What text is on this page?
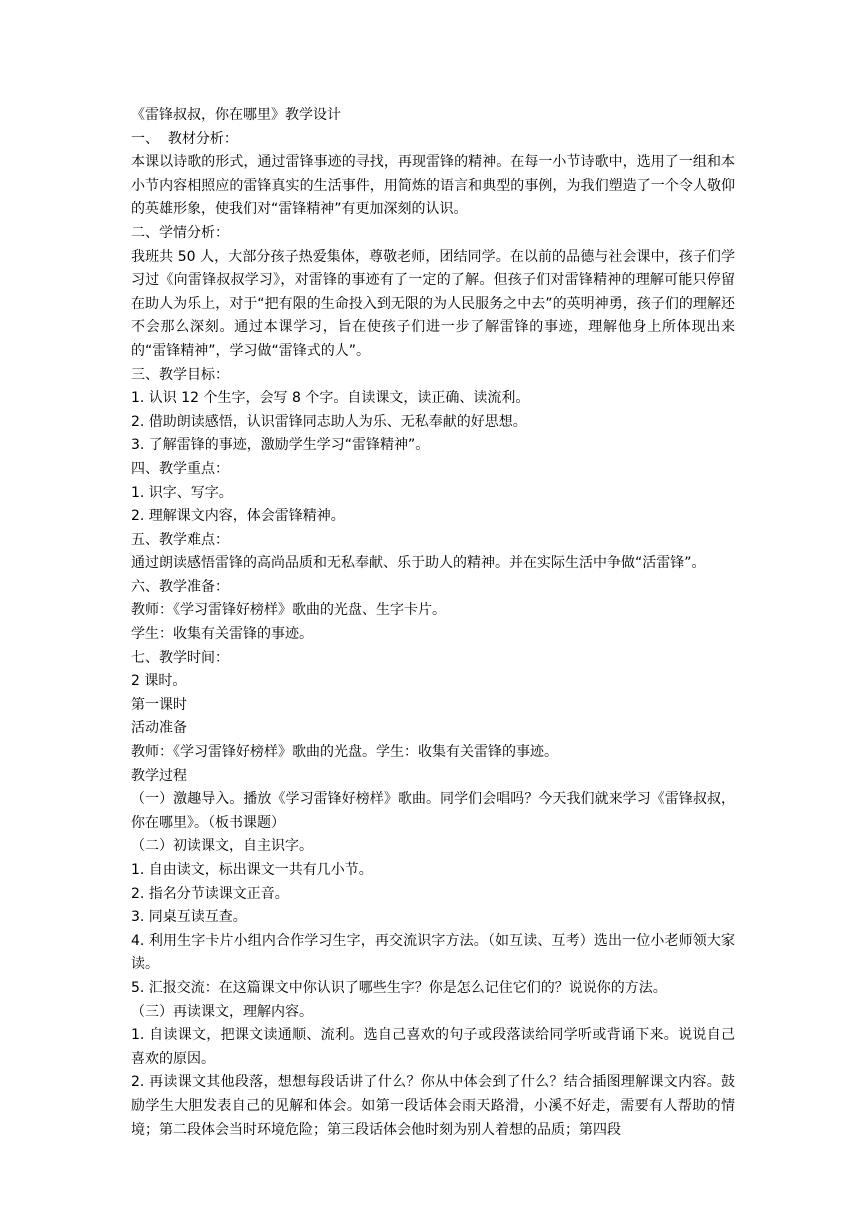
《雷锋叔叔，你在哪里》教学设计

一、  教材分析：

本课以诗歌的形式，通过雷锋事迹的寻找，再现雷锋的精神。在每一小节诗歌中，选用了一组和本小节内容相照应的雷锋真实的生活事件，用简炼的语言和典型的事例，为我们塑造了一个令人敬仰的英雄形象，使我们对“雷锋精神”有更加深刻的认识。

二、学情分析：

我班共 50 人，大部分孩子热爱集体，尊敬老师，团结同学。在以前的品德与社会课中，孩子们学习过《向雷锋叔叔学习》，对雷锋的事迹有了一定的了解。但孩子们对雷锋精神的理解可能只停留在助人为乐上，对于“把有限的生命投入到无限的为人民服务之中去”的英明神勇，孩子们的理解还不会那么深刻。通过本课学习，旨在使孩子们进一步了解雷锋的事迹，理解他身上所体现出来的“雷锋精神”，学习做“雷锋式的人”。

三、教学目标：

1. 认识 12 个生字，会写 8 个字。自读课文，读正确、读流利。

2. 借助朗读感悟，认识雷锋同志助人为乐、无私奉献的好思想。

3. 了解雷锋的事迹，激励学生学习“雷锋精神”。

四、教学重点：

1. 识字、写字。

2. 理解课文内容，体会雷锋精神。

五、教学难点：

通过朗读感悟雷锋的高尚品质和无私奉献、乐于助人的精神。并在实际生活中争做“活雷锋”。

六、教学准备：

教师：《学习雷锋好榜样》歌曲的光盘、生字卡片。

学生：收集有关雷锋的事迹。

七、教学时间：

2 课时。

第一课时

活动准备

教师：《学习雷锋好榜样》歌曲的光盘。学生：收集有关雷锋的事迹。

教学过程

（一）激趣导入。播放《学习雷锋好榜样》歌曲。同学们会唱吗？今天我们就来学习《雷锋叔叔，你在哪里》。（板书课题）

（二）初读课文，自主识字。

1. 自由读文，标出课文一共有几小节。

2. 指名分节读课文正音。

3. 同桌互读互查。

4. 利用生字卡片小组内合作学习生字，再交流识字方法。（如互读、互考）选出一位小老师领大家读。

5. 汇报交流：在这篇课文中你认识了哪些生字？你是怎么记住它们的？说说你的方法。

（三）再读课文，理解内容。

1. 自读课文，把课文读通顺、流利。选自己喜欢的句子或段落读给同学听或背诵下来。说说自己喜欢的原因。

2. 再读课文其他段落，想想每段话讲了什么？你从中体会到了什么？结合插图理解课文内容。鼓励学生大胆发表自己的见解和体会。如第一段话体会雨天路滑，小溪不好走，需要有人帮助的情境；第二段体会当时环境危险；第三段话体会他时刻为别人着想的品质；第四段
